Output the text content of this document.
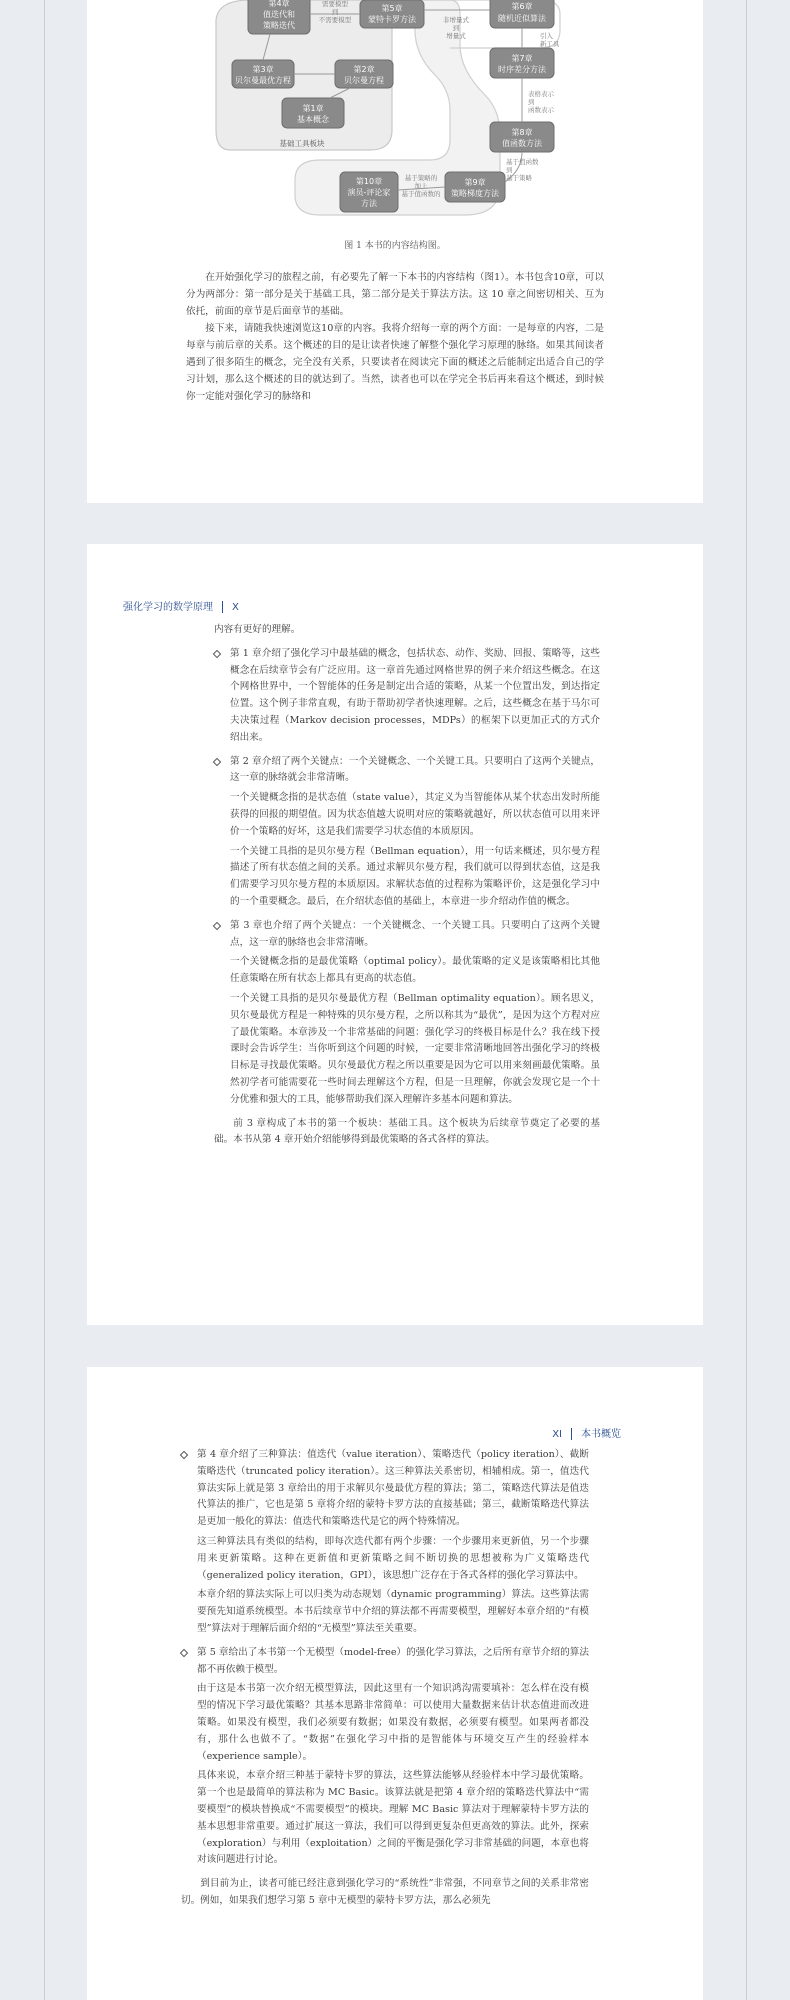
基础工具板块
第4章
值迭代和
策略迭代
第5章
蒙特卡罗方法
第6章
随机近似算法
第3章
贝尔曼最优方程
第2章
贝尔曼方程
第1章
基本概念
第7章
时序差分方法
第8章
值函数方法
第10章
演员-评论家
方法
第9章
策略梯度方法
需要模型
到
不需要模型	非增量式
到
增量式	引入
新工具
表格表示
到
函数表示
基于值函数
到
基于策略
基于策略的
加上
基于值函数的
图 1 本书的内容结构图。

在开始强化学习的旅程之前，有必要先了解一下本书的内容结构（图1）。本书包含10章，可以分为两部分：第一部分是关于基础工具，第二部分是关于算法方法。这 10 章之间密切相关、互为依托，前面的章节是后面章节的基础。

接下来，请随我快速浏览这10章的内容。我将介绍每一章的两个方面：一是每章的内容，二是每章与前后章的关系。这个概述的目的是让读者快速了解整个强化学习原理的脉络。如果其间读者遇到了很多陌生的概念，完全没有关系，只要读者在阅读完下面的概述之后能制定出适合自己的学习计划，那么这个概述的目的就达到了。当然，读者也可以在学完全书后再来看这个概述，到时候你一定能对强化学习的脉络和

强化学习的数学原理 X

内容有更好的理解。

第 1 章介绍了强化学习中最基础的概念，包括状态、动作、奖励、回报、策略等，这些概念在后续章节会有广泛应用。这一章首先通过网格世界的例子来介绍这些概念。在这个网格世界中，一个智能体的任务是制定出合适的策略，从某一个位置出发，到达指定位置。这个例子非常直观，有助于帮助初学者快速理解。之后，这些概念在基于马尔可夫决策过程（Markov decision processes，MDPs）的框架下以更加正式的方式介绍出来。

第 2 章介绍了两个关键点：一个关键概念、一个关键工具。只要明白了这两个关键点，这一章的脉络就会非常清晰。

一个关键概念指的是状态值（state value），其定义为当智能体从某个状态出发时所能获得的回报的期望值。因为状态值越大说明对应的策略就越好，所以状态值可以用来评价一个策略的好坏，这是我们需要学习状态值的本质原因。

一个关键工具指的是贝尔曼方程（Bellman equation），用一句话来概述，贝尔曼方程描述了所有状态值之间的关系。通过求解贝尔曼方程，我们就可以得到状态值，这是我们需要学习贝尔曼方程的本质原因。求解状态值的过程称为策略评价，这是强化学习中的一个重要概念。最后，在介绍状态值的基础上，本章进一步介绍动作值的概念。

第 3 章也介绍了两个关键点：一个关键概念、一个关键工具。只要明白了这两个关键点，这一章的脉络也会非常清晰。

一个关键概念指的是最优策略（optimal policy）。最优策略的定义是该策略相比其他任意策略在所有状态上都具有更高的状态值。

一个关键工具指的是贝尔曼最优方程（Bellman optimality equation）。顾名思义，贝尔曼最优方程是一种特殊的贝尔曼方程，之所以称其为“最优”，是因为这个方程对应了最优策略。本章涉及一个非常基础的问题：强化学习的终极目标是什么？我在线下授课时会告诉学生：当你听到这个问题的时候，一定要非常清晰地回答出强化学习的终极目标是寻找最优策略。贝尔曼最优方程之所以重要是因为它可以用来刻画最优策略。虽然初学者可能需要花一些时间去理解这个方程，但是一旦理解，你就会发现它是一个十分优雅和强大的工具，能够帮助我们深入理解许多基本问题和算法。

前 3 章构成了本书的第一个板块：基础工具。这个板块为后续章节奠定了必要的基础。本书从第 4 章开始介绍能够得到最优策略的各式各样的算法。

XI 本书概览

第 4 章介绍了三种算法：值迭代（value iteration）、策略迭代（policy iteration）、截断策略迭代（truncated policy iteration）。这三种算法关系密切，相辅相成。第一，值迭代算法实际上就是第 3 章给出的用于求解贝尔曼最优方程的算法；第二，策略迭代算法是值迭代算法的推广，它也是第 5 章将介绍的蒙特卡罗方法的直接基础；第三，截断策略迭代算法是更加一般化的算法：值迭代和策略迭代是它的两个特殊情况。

这三种算法具有类似的结构，即每次迭代都有两个步骤：一个步骤用来更新值，另一个步骤用来更新策略。这种在更新值和更新策略之间不断切换的思想被称为广义策略迭代（generalized policy iteration，GPI），该思想广泛存在于各式各样的强化学习算法中。

本章介绍的算法实际上可以归类为动态规划（dynamic programming）算法。这些算法需要预先知道系统模型。本书后续章节中介绍的算法都不再需要模型，理解好本章介绍的“有模型”算法对于理解后面介绍的“无模型”算法至关重要。

第 5 章给出了本书第一个无模型（model-free）的强化学习算法，之后所有章节介绍的算法都不再依赖于模型。

由于这是本书第一次介绍无模型算法，因此这里有一个知识鸿沟需要填补：怎么样在没有模型的情况下学习最优策略？其基本思路非常简单：可以使用大量数据来估计状态值进而改进策略。如果没有模型，我们必须要有数据；如果没有数据，必须要有模型。如果两者都没有，那什么也做不了。“数据”在强化学习中指的是智能体与环境交互产生的经验样本（experience sample）。

具体来说，本章介绍三种基于蒙特卡罗的算法，这些算法能够从经验样本中学习最优策略。第一个也是最简单的算法称为 MC Basic。该算法就是把第 4 章介绍的策略迭代算法中“需要模型”的模块替换成“不需要模型”的模块。理解 MC Basic 算法对于理解蒙特卡罗方法的基本思想非常重要。通过扩展这一算法，我们可以得到更复杂但更高效的算法。此外，探索（exploration）与利用（exploitation）之间的平衡是强化学习非常基础的问题，本章也将对该问题进行讨论。

到目前为止，读者可能已经注意到强化学习的“系统性”非常强，不同章节之间的关系非常密切。例如，如果我们想学习第 5 章中无模型的蒙特卡罗方法，那么必须先
